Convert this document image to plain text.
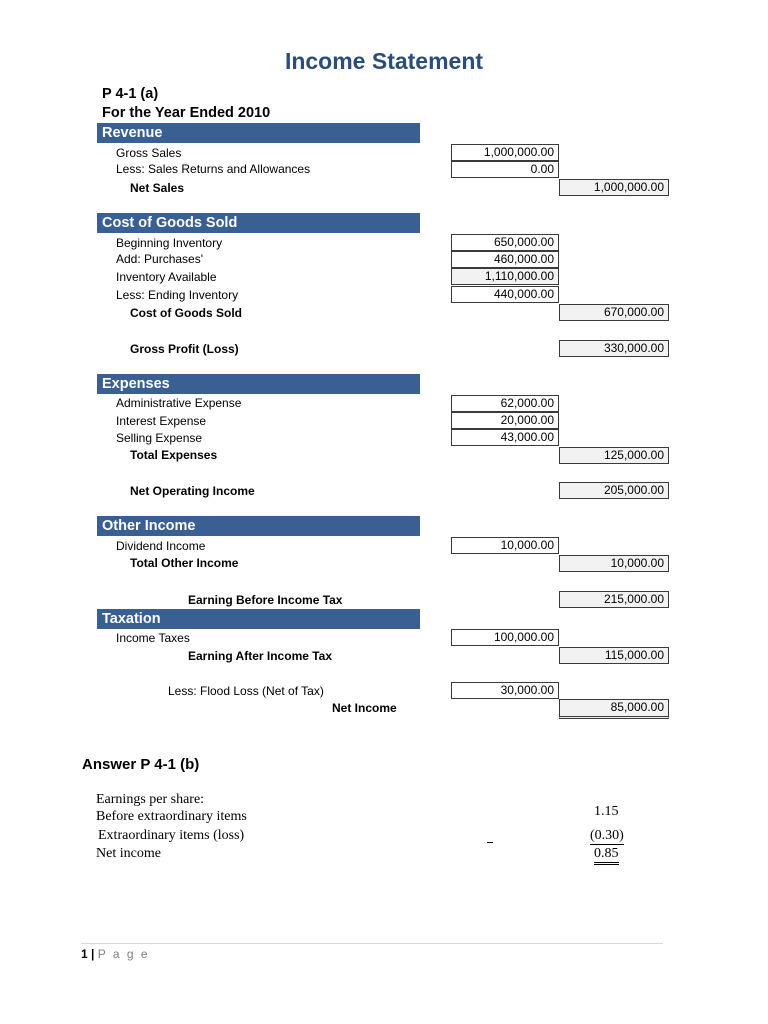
Income Statement
P 4-1 (a)
For the Year Ended 2010
Revenue
Gross Sales	1,000,000.00
Less: Sales Returns and Allowances	0.00
Net Sales	1,000,000.00
Cost of Goods Sold
Beginning Inventory	650,000.00
Add: Purchases'	460,000.00
Inventory Available	1,110,000.00
Less: Ending Inventory	440,000.00
Cost of Goods Sold	670,000.00
Gross Profit (Loss)	330,000.00
Expenses
Administrative Expense	62,000.00
Interest Expense	20,000.00
Selling Expense	43,000.00
Total Expenses	125,000.00
Net Operating Income	205,000.00
Other Income
Dividend Income	10,000.00
Total Other Income	10,000.00
Earning Before Income Tax	215,000.00
Taxation
Income Taxes	100,000.00
Earning After Income Tax	115,000.00
Less: Flood Loss (Net of Tax)	30,000.00
Net Income	85,000.00
Answer P 4-1 (b)
Earnings per share:
Before extraordinary items	1.15
Extraordinary items (loss)	(0.30)
Net income	0.85
1 | P a g e
